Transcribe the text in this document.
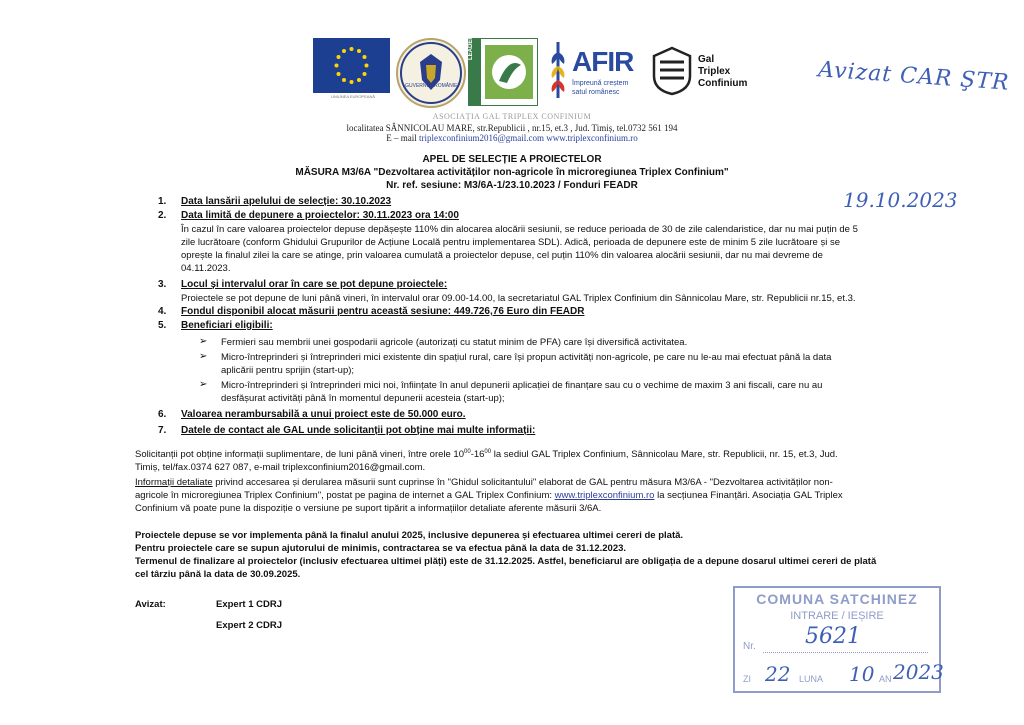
UNIUNEA EUROPEANĂ
GUVERNUL ROMÂNIEI
LEADER	AFIR
împreună creștem
satul românesc
Gal
Triplex
Confinium	Avizat CAR ŞTR
19.10.2023
ASOCIAȚIA GAL TRIPLEX CONFINIUM
localitatea SÂNNICOLAU MARE, str.Republicii , nr.15, et.3 , Jud. Timiș, tel.0732 561 194
E – mail triplexconfinium2016@gmail.com www.triplexconfinium.ro
APEL DE SELECȚIE A PROIECTELOR
MĂSURA M3/6A "Dezvoltarea activităților non-agricole în microregiunea Triplex Confinium"
Nr. ref. sesiune: M3/6A-1/23.10.2023 / Fonduri FEADR
1. Data lansării apelului de selecție: 30.10.2023
2. Data limită de depunere a proiectelor: 30.11.2023 ora 14:00
În cazul în care valoarea proiectelor depuse depășește 110% din alocarea alocării sesiunii, se reduce perioada de 30 de zile calendaristice, dar nu mai puțin de 5
zile lucrătoare (conform Ghidului Grupurilor de Acțiune Locală pentru implementarea SDL). Adică, perioada de depunere este de minim 5 zile lucrătoare și se
oprește la finalul zilei la care se atinge, prin valoarea cumulată a proiectelor depuse, cel puțin 110% din valoarea alocării sesiunii, dar nu mai devreme de
04.11.2023.
3. Locul și intervalul orar în care se pot depune proiectele:
Proiectele se pot depune de luni până vineri, în intervalul orar 09.00-14.00, la secretariatul GAL Triplex Confinium din Sânnicolau Mare, str. Republicii nr.15, et.3.
4. Fondul disponibil alocat măsurii pentru această sesiune: 449.726,76 Euro din FEADR
5. Beneficiari eligibili:
➢ Fermieri sau membrii unei gospodarii agricole (autorizați cu statut minim de PFA) care își diversifică activitatea.
➢ Micro-întreprinderi și întreprinderi mici existente din spațiul rural, care își propun activități non-agricole, pe care nu le-au mai efectuat până la data
aplicării pentru sprijin (start-up);
➢ Micro-întreprinderi și întreprinderi mici noi, înființate în anul depunerii aplicației de finanțare sau cu o vechime de maxim 3 ani fiscali, care nu au
desfășurat activități până în momentul depunerii acesteia (start-up);
6. Valoarea nerambursabilă a unui proiect este de 50.000 euro.
7. Datele de contact ale GAL unde solicitanții pot obține mai multe informații:
Solicitanții pot obține informații suplimentare, de luni până vineri, între orele $10^{00}-16^{00}$ la sediul GAL Triplex Confinium, Sânnicolau Mare, str. Republicii, nr. 15, et.3, Jud.
Timiș, tel/fax.0374 627 087, e-mail triplexconfinium2016@gmail.com.
Informații detaliate privind accesarea și derularea măsurii sunt cuprinse în "Ghidul solicitantului" elaborat de GAL pentru măsura M3/6A - "Dezvoltarea activităților non-
agricole în microregiunea Triplex Confinium", postat pe pagina de internet a GAL Triplex Confinium: www.triplexconfinium.ro la secțiunea Finanțări. Asociația GAL Triplex
Confinium vă poate pune la dispoziție o versiune pe suport tipărit a informațiilor detaliate aferente măsurii 3/6A.
Proiectele depuse se vor implementa până la finalul anului 2025, inclusive depunerea și efectuarea ultimei cereri de plată.
Pentru proiectele care se supun ajutorului de minimis, contractarea se va efectua până la data de 31.12.2023.
Termenul de finalizare al proiectelor (inclusiv efectuarea ultimei plăți) este de 31.12.2025. Astfel, beneficiarul are obligația de a depune dosarul ultimei cereri de plată
cel târziu până la data de 30.09.2025.
Avizat:	Expert 1 CDRJ
Expert 2 CDRJ
COMUNA SATCHINEZ
INTRARE / IEȘIRE
Nr. 5621
ZI 22 LUNA 10 AN 2023
